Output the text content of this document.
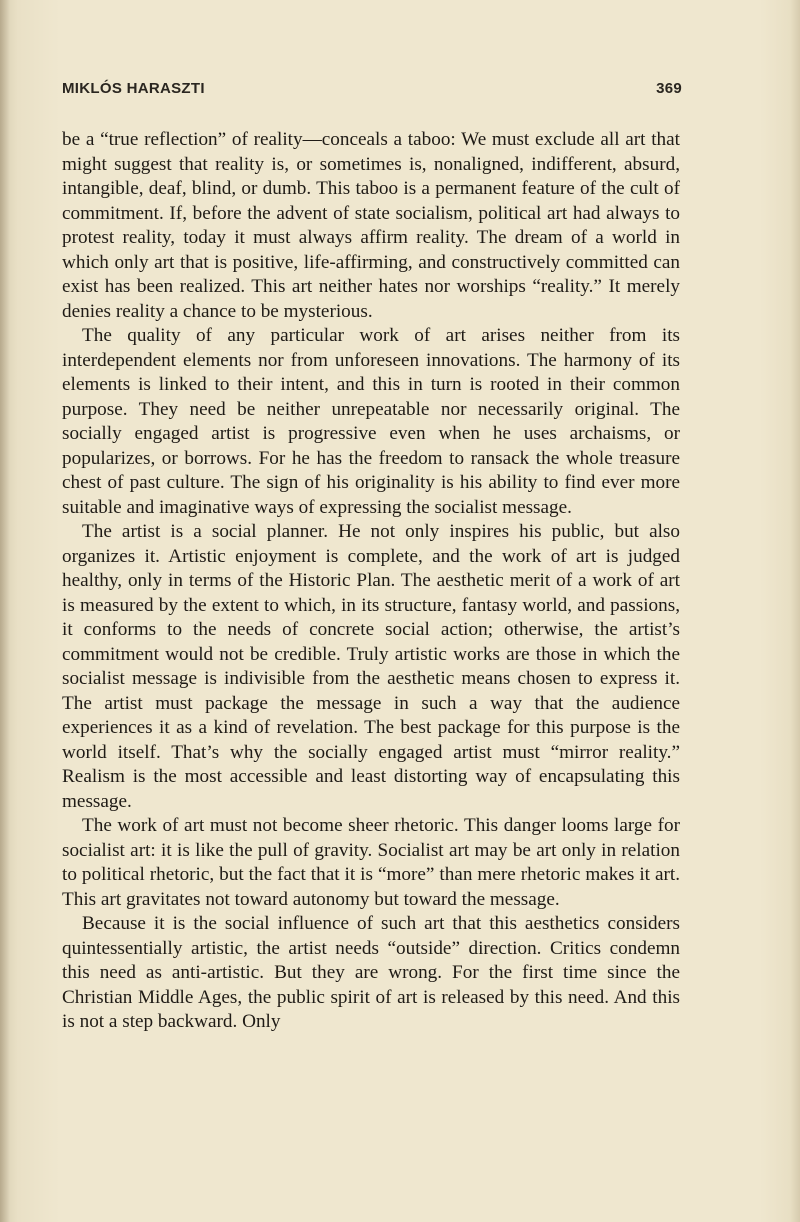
MIKLÓS HARASZTI	369

be a “true reflection” of reality—conceals a taboo: We must exclude all art that might suggest that reality is, or sometimes is, nonaligned, indifferent, absurd, intangible, deaf, blind, or dumb. This taboo is a permanent feature of the cult of commitment. If, before the advent of state socialism, political art had always to protest reality, today it must always affirm reality. The dream of a world in which only art that is positive, life-affirming, and constructively committed can exist has been realized. This art neither hates nor worships “reality.” It merely denies reality a chance to be mysterious.

The quality of any particular work of art arises neither from its interdependent elements nor from unforeseen innovations. The harmony of its elements is linked to their intent, and this in turn is rooted in their common purpose. They need be neither unrepeatable nor necessarily original. The socially engaged artist is progressive even when he uses archaisms, or popularizes, or borrows. For he has the freedom to ransack the whole treasure chest of past culture. The sign of his originality is his ability to find ever more suitable and imaginative ways of expressing the socialist message.

The artist is a social planner. He not only inspires his public, but also organizes it. Artistic enjoyment is complete, and the work of art is judged healthy, only in terms of the Historic Plan. The aesthetic merit of a work of art is measured by the extent to which, in its structure, fantasy world, and passions, it conforms to the needs of concrete social action; otherwise, the artist’s commitment would not be credible. Truly artistic works are those in which the socialist message is indivisible from the aesthetic means chosen to express it. The artist must package the message in such a way that the audience experiences it as a kind of revelation. The best package for this purpose is the world itself. That’s why the socially engaged artist must “mirror reality.” Realism is the most accessible and least distorting way of encapsulating this message.

The work of art must not become sheer rhetoric. This danger looms large for socialist art: it is like the pull of gravity. Socialist art may be art only in relation to political rhetoric, but the fact that it is “more” than mere rhetoric makes it art. This art gravitates not toward autonomy but toward the message.

Because it is the social influence of such art that this aesthetics considers quintessentially artistic, the artist needs “outside” direction. Critics condemn this need as anti-artistic. But they are wrong. For the first time since the Christian Middle Ages, the public spirit of art is released by this need. And this is not a step backward. Only
